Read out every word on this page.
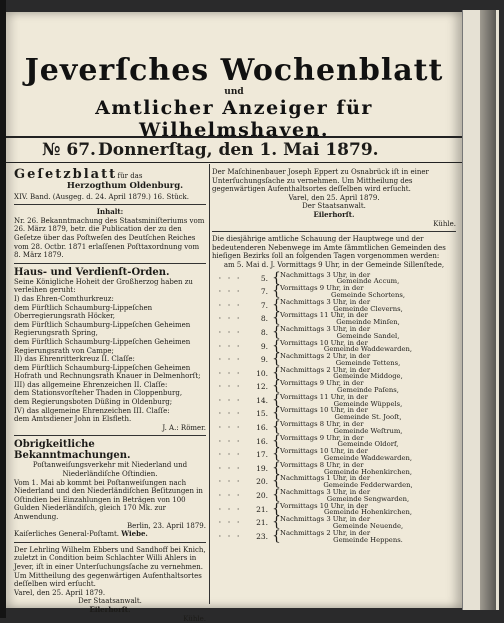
Jeverſches Wochenblatt
und
Amtlicher Anzeiger für Wilhelmshaven.
№ 67. Donnerſtag, den 1. Mai 1879.
Geſetzblatt für das
Herzogthum Oldenburg.
XIV. Band. (Ausgeg. d. 24. April 1879.) 16. Stück.
Inhalt:

Nr. 26. Bekanntmachung des Staatsminiſteriums vom 26. März 1879, betr. die Publication der zu den Geſetze über das Poſtweſen des Deutſchen Reiches vom 28. Octbr. 1871 erlaſſenen Poſttaxordnung vom 8. März 1879.

Haus- und Verdienſt-Orden.

Seine Königliche Hoheit der Großherzog haben zu verleihen geruht:

I) das Ehren-Comthurkreuz:
dem Fürſtlich Schaumburg-Lippeſchen Oberregierungsrath Höcker,
dem Fürſtlich Schaumburg-Lippeſchen Geheimen Regierungsrath Spring,
dem Fürſtlich Schaumburg-Lippeſchen Geheimen Regierungsrath von Campe;
II) das Ehrenritterkreuz II. Claſſe:
dem Fürſtlich Schaumburg-Lippeſchen Geheimen Hofrath und Rechnungsrath Knauer in Delmenhorſt;
III) das allgemeine Ehrenzeichen II. Claſſe:
dem Stationsvorſteher Thaden in Cloppenburg,
dem Regierungsboten Düßing in Oldenburg;
IV) das allgemeine Ehrenzeichen III. Claſſe:
dem Amtsdiener John in Elsfleth.
J. A.: Römer.
Obrigkeitliche Bekanntmachungen.
Poſtanweiſungsverkehr mit Niederland und Niederländiſche Oſtindien.

Vom 1. Mai ab kommt bei Poſtanweiſungen nach Niederland und den Niederländiſchen Beſitzungen in Oſtindien bei Einzahlungen in Beträgen von 100 Gulden Niederländiſch, gleich 170 Mk. zur Anwendung.

Berlin, 23. April 1879.
Kaiſerliches General-Poſtamt. Wiebe.

Der Lehrling Wilhelm Ebbers und Sandhoff bei Knich, zuletzt in Condition beim Schlachter Willi Ahlers in Jever, iſt in einer Unterſuchungsſache zu vernehmen. Um Mittheilung des gegenwärtigen Aufenthaltsortes deſſelben wird erſucht.

Varel, den 25. April 1879.
Der Staatsanwalt.
Eilerhorſt.
Kühle.

Der Maſchinenbauer Joseph Eppert zu Osnabrück iſt in einer Unterſuchungsſache zu vernehmen. Um Mittheilung des gegenwärtigen Aufenthaltsortes deſſelben wird erſucht.

Varel, den 25. April 1879.
Der Staatsanwalt.
Eilerhorſt.
Kühle.

Die diesjährige amtliche Schauung der Hauptwege und der bedeutenderen Nebenwege im Amte ſämmtlichen Gemeinden des hieſigen Bezirks ſoll an folgenden Tagen vorgenommen werden:

am 5. Mai d. J. Vormittags 9 Uhr, in der Gemeinde Sillenſtede,
· · ·	5. { Nachmittags 3 Uhr, in der
Gemeinde Accum,
· · ·	7. { Vormittags 9 Uhr, in der
Gemeinde Schortens,
· · ·	7. { Nachmittags 3 Uhr, in der
Gemeinde Cleverns,
· · ·	8. { Vormittags 11 Uhr, in der
Gemeinde Minſen,
· · ·	8. { Nachmittags 3 Uhr, in der
Gemeinde Sandel,
· · ·	9. { Vormittags 10 Uhr, in der
Gemeinde Waddewarden,
· · ·	9. { Nachmittags 2 Uhr, in der
Gemeinde Tettens,
· · ·	10. { Nachmittags 2 Uhr, in der
Gemeinde Middoge,
· · ·	12. { Vormittags 9 Uhr, in der
Gemeinde Paſens,
· · ·	14. { Vormittags 11 Uhr, in der
Gemeinde Wüppels,
· · ·	15. { Vormittags 10 Uhr, in der
Gemeinde St. Jooſt,
· · ·	16. { Vormittags 8 Uhr, in der
Gemeinde Weſtrum,
· · ·	16. { Vormittags 9 Uhr, in der
Gemeinde Oldorf,
· · ·	17. { Vormittags 10 Uhr, in der
Gemeinde Waddewarden,
· · ·	19. { Vormittags 8 Uhr, in der
Gemeinde Hohenkirchen,
· · ·	20. { Nachmittags 1 Uhr, in der
Gemeinde Fedderwarden,
· · ·	20. { Nachmittags 3 Uhr, in der
Gemeinde Sengwarden,
· · ·	21. { Vormittags 10 Uhr, in der
Gemeinde Hohenkirchen,
· · ·	21. { Nachmittags 3 Uhr, in der
Gemeinde Neuende,
· · ·	23. { Nachmittags 2 Uhr, in der
Gemeinde Heppens.
